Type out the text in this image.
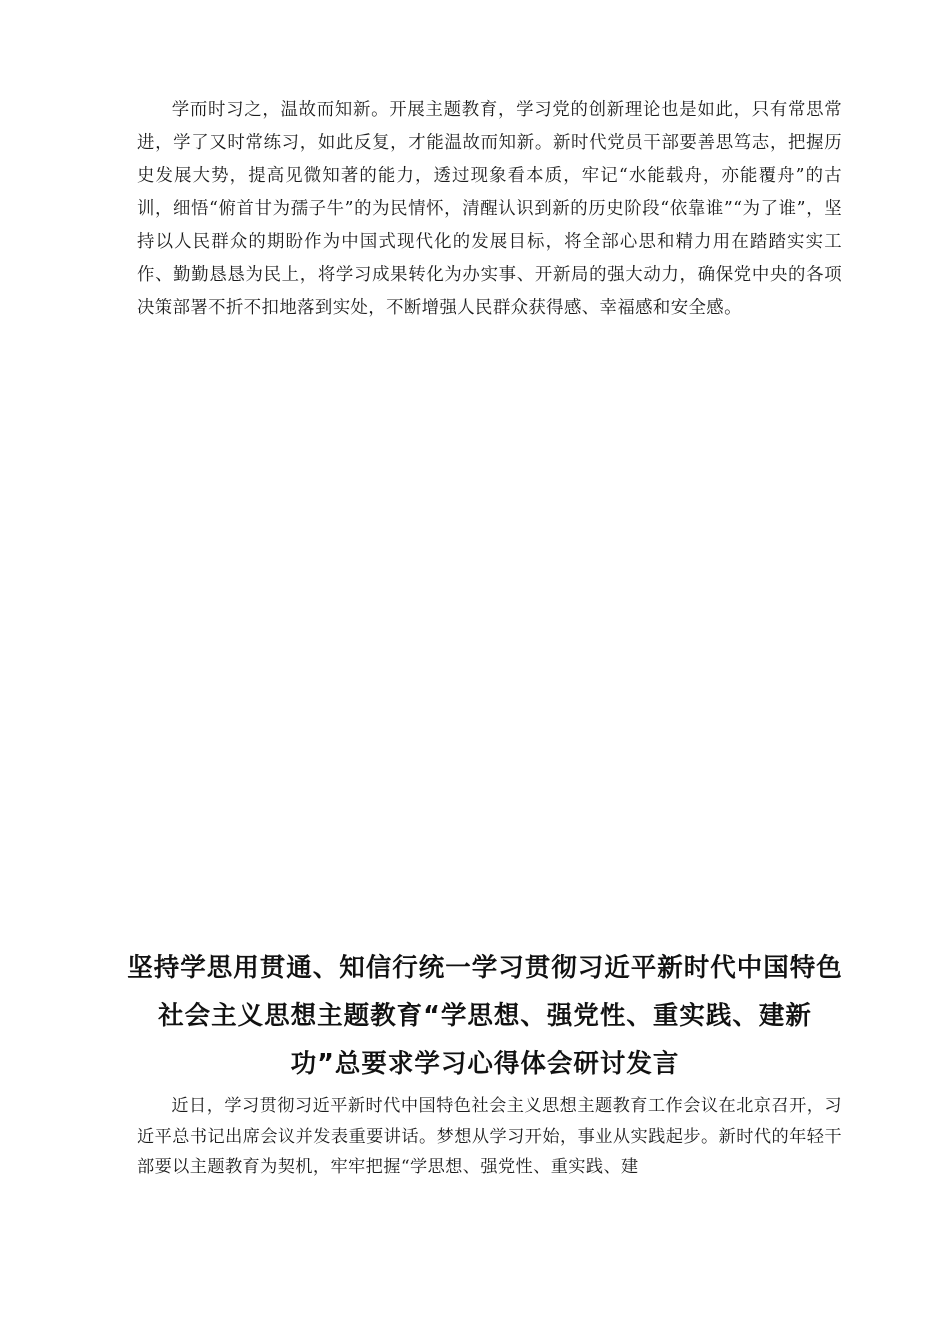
学而时习之，温故而知新。开展主题教育，学习党的创新理论也是如此，只有常思常进，学了又时常练习，如此反复，才能温故而知新。新时代党员干部要善思笃志，把握历史发展大势，提高见微知著的能力，透过现象看本质，牢记“水能载舟，亦能覆舟”的古训，细悟“俯首甘为孺子牛”的为民情怀，清醒认识到新的历史阶段“依靠谁”“为了谁”，坚持以人民群众的期盼作为中国式现代化的发展目标，将全部心思和精力用在踏踏实实工作、勤勤恳恳为民上，将学习成果转化为办实事、开新局的强大动力，确保党中央的各项决策部署不折不扣地落到实处，不断增强人民群众获得感、幸福感和安全感。

坚持学思用贯通、知信行统一学习贯彻习近平新时代中国特色社会主义思想主题教育“学思想、强党性、重实践、建新功”总要求学习心得体会研讨发言

近日，学习贯彻习近平新时代中国特色社会主义思想主题教育工作会议在北京召开，习近平总书记出席会议并发表重要讲话。梦想从学习开始，事业从实践起步。新时代的年轻干部要以主题教育为契机，牢牢把握“学思想、强党性、重实践、建
